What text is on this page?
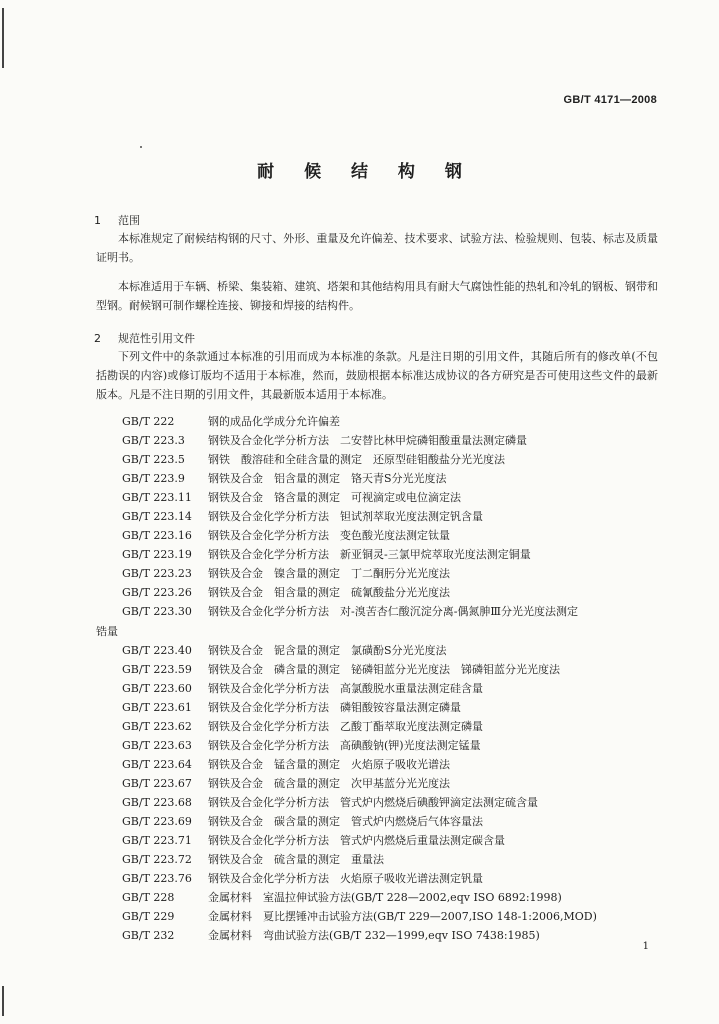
GB/T 4171—2008
耐 候 结 构 钢
1 范围

本标准规定了耐候结构钢的尺寸、外形、重量及允许偏差、技术要求、试验方法、检验规则、包装、标志及质量证明书。

本标准适用于车辆、桥梁、集装箱、建筑、塔架和其他结构用具有耐大气腐蚀性能的热轧和冷轧的钢板、钢带和型钢。耐候钢可制作螺栓连接、铆接和焊接的结构件。

2 规范性引用文件

下列文件中的条款通过本标准的引用而成为本标准的条款。凡是注日期的引用文件，其随后所有的修改单(不包括勘误的内容)或修订版均不适用于本标准，然而，鼓励根据本标准达成协议的各方研究是否可使用这些文件的最新版本。凡是不注日期的引用文件，其最新版本适用于本标准。

GB/T 222	钢的成品化学成分允许偏差
GB/T 223.3 钢铁及合金化学分析方法　二安替比林甲烷磷钼酸重量法测定磷量
GB/T 223.5 钢铁　酸溶硅和全硅含量的测定　还原型硅钼酸盐分光光度法
GB/T 223.9 钢铁及合金　铝含量的测定　铬天青S分光光度法
GB/T 223.11 钢铁及合金　铬含量的测定　可视滴定或电位滴定法
GB/T 223.14 钢铁及合金化学分析方法　钽试剂萃取光度法测定钒含量
GB/T 223.16 钢铁及合金化学分析方法　变色酸光度法测定钛量
GB/T 223.19 钢铁及合金化学分析方法　新亚铜灵-三氯甲烷萃取光度法测定铜量
GB/T 223.23 钢铁及合金　镍含量的测定　丁二酮肟分光光度法
GB/T 223.26 钢铁及合金　钼含量的测定　硫氰酸盐分光光度法
GB/T 223.30 钢铁及合金化学分析方法　对-溴苦杏仁酸沉淀分离-偶氮胂Ⅲ分光光度法测定
锆量
GB/T 223.40 钢铁及合金　铌含量的测定　氯磺酚S分光光度法
GB/T 223.59 钢铁及合金　磷含量的测定　铋磷钼蓝分光光度法　锑磷钼蓝分光光度法
GB/T 223.60 钢铁及合金化学分析方法　高氯酸脱水重量法测定硅含量
GB/T 223.61 钢铁及合金化学分析方法　磷钼酸铵容量法测定磷量
GB/T 223.62 钢铁及合金化学分析方法　乙酸丁酯萃取光度法测定磷量
GB/T 223.63 钢铁及合金化学分析方法　高碘酸钠(钾)光度法测定锰量
GB/T 223.64 钢铁及合金　锰含量的测定　火焰原子吸收光谱法
GB/T 223.67 钢铁及合金　硫含量的测定　次甲基蓝分光光度法
GB/T 223.68 钢铁及合金化学分析方法　管式炉内燃烧后碘酸钾滴定法测定硫含量
GB/T 223.69 钢铁及合金　碳含量的测定　管式炉内燃烧后气体容量法
GB/T 223.71 钢铁及合金化学分析方法　管式炉内燃烧后重量法测定碳含量
GB/T 223.72 钢铁及合金　硫含量的测定　重量法
GB/T 223.76 钢铁及合金化学分析方法　火焰原子吸收光谱法测定钒量
GB/T 228	金属材料　室温拉伸试验方法(GB/T 228—2002,eqv ISO 6892:1998)
GB/T 229	金属材料　夏比摆锤冲击试验方法(GB/T 229—2007,ISO 148-1:2006,MOD)
GB/T 232	金属材料　弯曲试验方法(GB/T 232—1999,eqv ISO 7438:1985)
1
